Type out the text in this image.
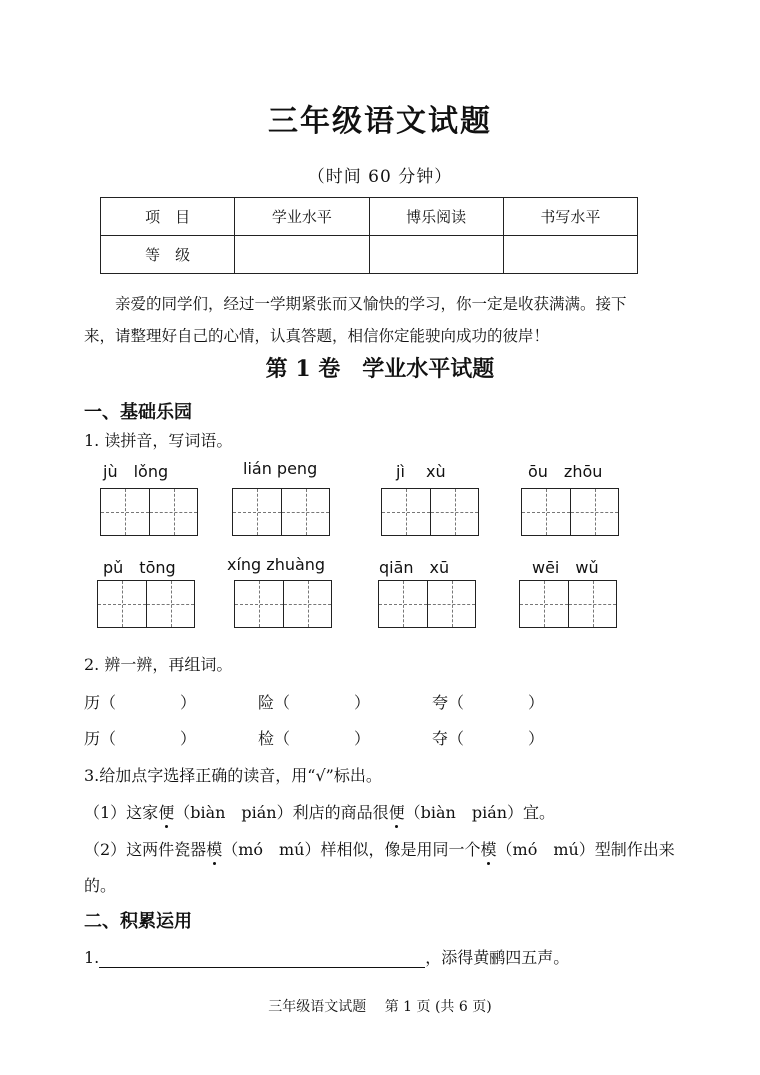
三年级语文试题
（时间 60 分钟）
项　目	学业水平	博乐阅读	书写水平
等　级			

亲爱的同学们，经过一学期紧张而又愉快的学习，你一定是收获满满。接下

来，请整理好自己的心情，认真答题，相信你定能驶向成功的彼岸！

第 1 卷　学业水平试题
一、基础乐园
1. 读拼音，写词语。
jù　lǒng	lián peng	jì　 xù	ōu　zhōu
pǔ　tōng	xíng zhuàng	qiān　xū	wēi　wǔ
2. 辨一辨，再组词。
历（　　　　）	险（　　　　）	夸（　　　　）
历（　　　　）	检（　　　　）	夺（　　　　）
3.给加点字选择正确的读音，用“√”标出。
（1）这家便（biàn　pián）利店的商品很便（biàn　pián）宜。
（2）这两件瓷器模（mó　mú）样相似，像是用同一个模（mó　mú）型制作出来
的。
二、积累运用
1.	，添得黄鹂四五声。
三年级语文试题　 第 1 页 (共 6 页)
